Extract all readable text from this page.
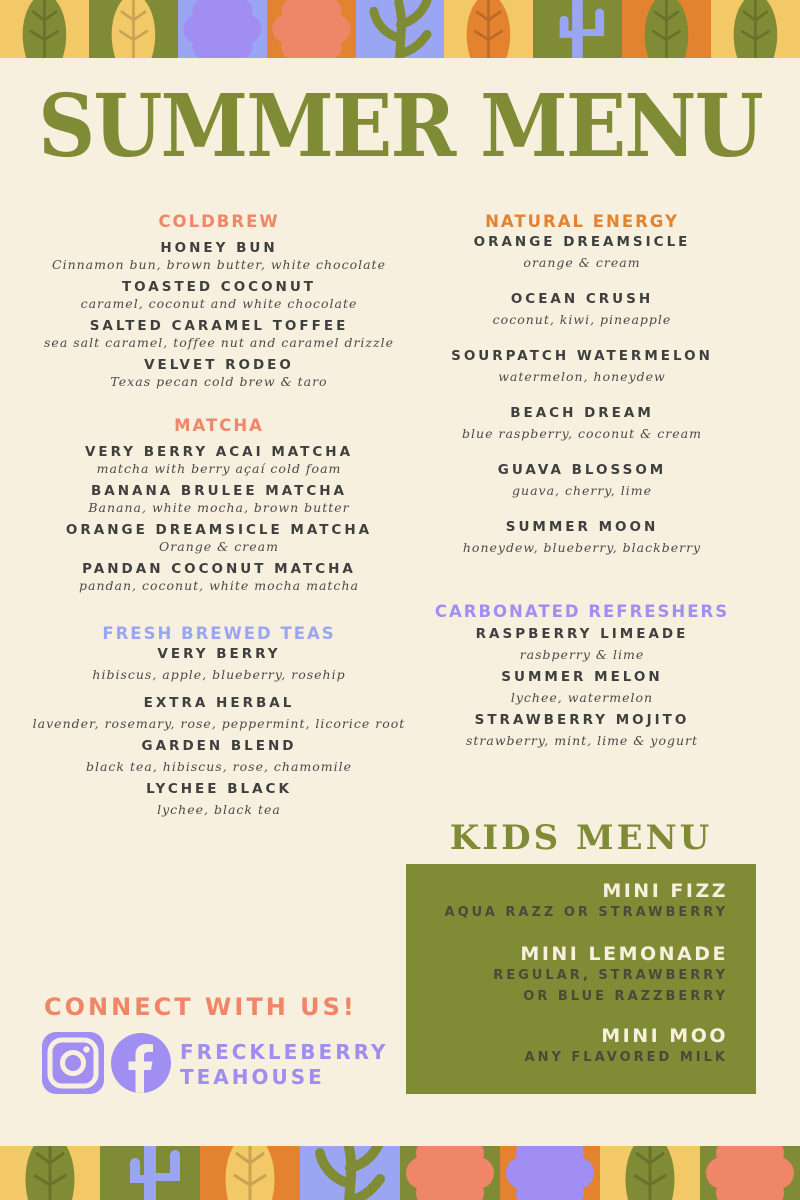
SUMMER MENU
COLDBREW
HONEY BUN
Cinnamon bun, brown butter, white chocolate
TOASTED COCONUT
caramel, coconut and white chocolate
SALTED CARAMEL TOFFEE
sea salt caramel, toffee nut and caramel drizzle
VELVET RODEO
Texas pecan cold brew & taro
MATCHA
VERY BERRY ACAI MATCHA
matcha with berry açaí cold foam
BANANA BRULEE MATCHA
Banana, white mocha, brown butter
ORANGE DREAMSICLE MATCHA
Orange & cream
PANDAN COCONUT MATCHA
pandan, coconut, white mocha matcha
FRESH BREWED TEAS
VERY BERRY
hibiscus, apple, blueberry, rosehip
EXTRA HERBAL
lavender, rosemary, rose, peppermint, licorice root
GARDEN BLEND
black tea, hibiscus, rose, chamomile
LYCHEE BLACK
lychee, black tea
NATURAL ENERGY
ORANGE DREAMSICLE
orange & cream
OCEAN CRUSH
coconut, kiwi, pineapple
SOURPATCH WATERMELON
watermelon, honeydew
BEACH DREAM
blue raspberry, coconut & cream
GUAVA BLOSSOM
guava, cherry, lime
SUMMER MOON
honeydew, blueberry, blackberry
CARBONATED REFRESHERS
RASPBERRY LIMEADE
rasbperry & lime
SUMMER MELON
lychee, watermelon
STRAWBERRY MOJITO
strawberry, mint, lime & yogurt
KIDS MENU
MINI FIZZ
AQUA RAZZ OR STRAWBERRY
MINI LEMONADE
REGULAR, STRAWBERRY
OR BLUE RAZZBERRY
MINI MOO
ANY FLAVORED MILK
CONNECT WITH US!
FRECKLEBERRY
TEAHOUSE
